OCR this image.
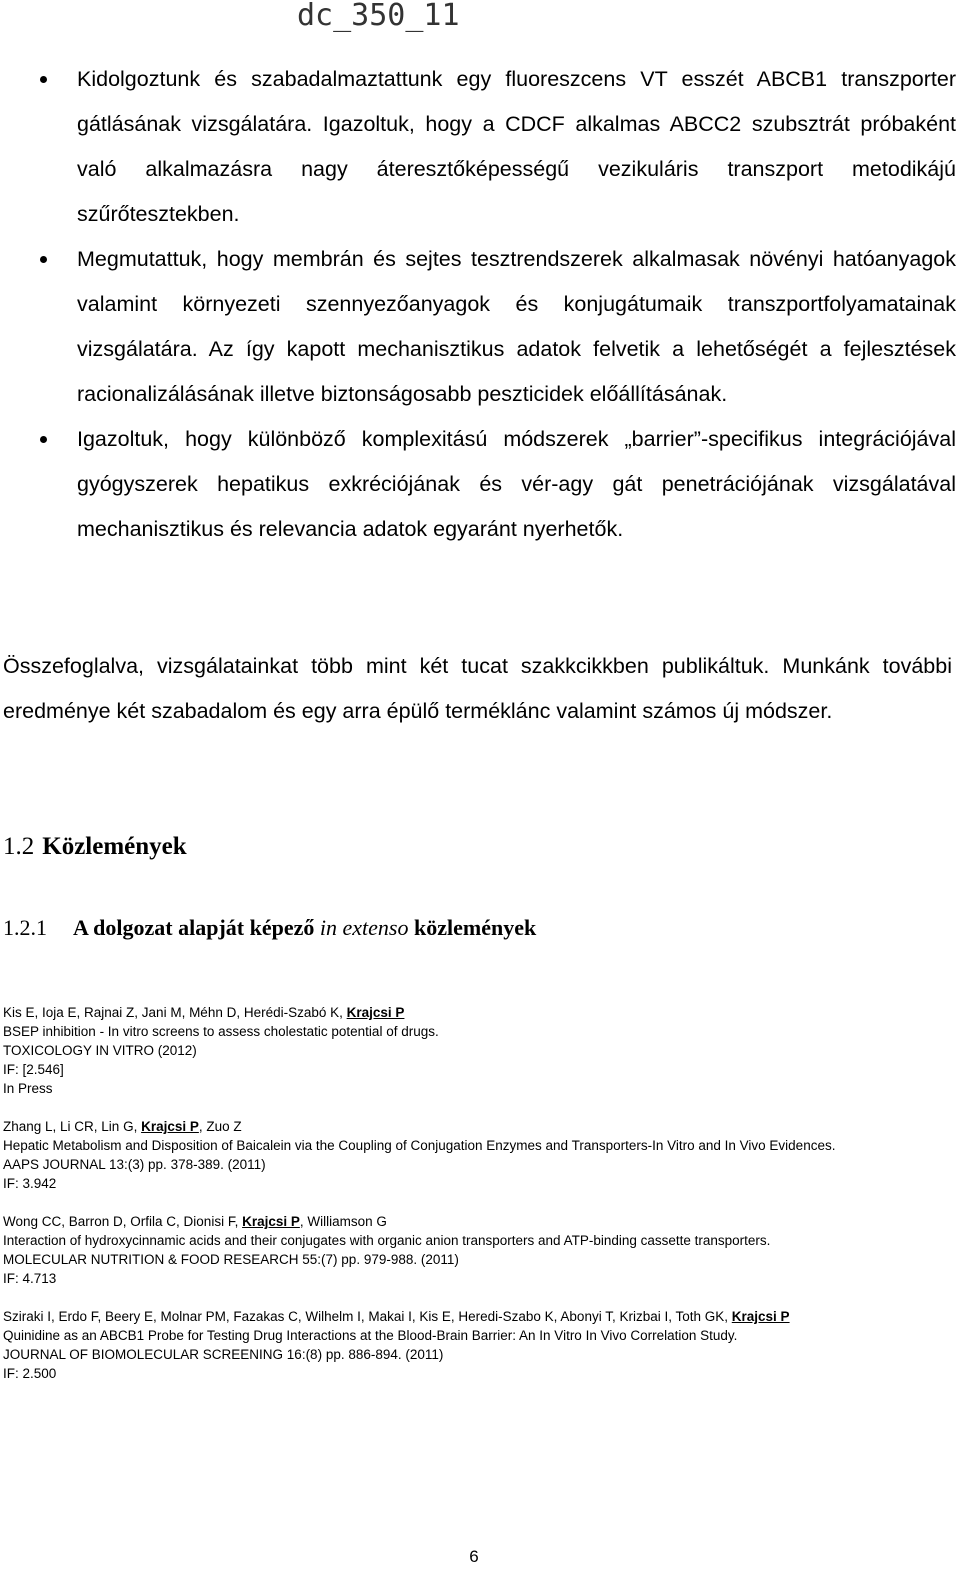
dc_350_11
Kidolgoztunk és szabadalmaztattunk egy fluoreszcens VT esszét ABCB1 transzporter gátlásának vizsgálatára. Igazoltuk, hogy a CDCF alkalmas ABCC2 szubsztrát próbaként való alkalmazásra nagy áteresztőképességű vezikuláris transzport metodikájú szűrőtesztekben.
Megmutattuk, hogy membrán és sejtes tesztrendszerek alkalmasak növényi hatóanyagok valamint környezeti szennyezőanyagok és konjugátumaik transzportfolyamatainak vizsgálatára. Az így kapott mechanisztikus adatok felvetik a lehetőségét a fejlesztések racionalizálásának illetve biztonságosabb peszticidek előállításának.
Igazoltuk, hogy különböző komplexitású módszerek „barrier”-specifikus integrációjával gyógyszerek hepatikus exkréciójának és vér-agy gát penetrációjának vizsgálatával mechanisztikus és relevancia adatok egyaránt nyerhetők.

Összefoglalva, vizsgálatainkat több mint két tucat szakkcikkben publikáltuk. Munkánk további eredménye két szabadalom és egy arra épülő terméklánc valamint számos új módszer.

1.2 Közlemények
1.2.1 A dolgozat alapját képező in extenso közlemények
Kis E, Ioja E, Rajnai Z, Jani M, Méhn D, Herédi-Szabó K, Krajcsi P
BSEP inhibition - In vitro screens to assess cholestatic potential of drugs.
TOXICOLOGY IN VITRO (2012)
IF: [2.546]
In Press
Zhang L, Li CR, Lin G, Krajcsi P, Zuo Z
Hepatic Metabolism and Disposition of Baicalein via the Coupling of Conjugation Enzymes and Transporters-In Vitro and In Vivo Evidences.
AAPS JOURNAL 13:(3) pp. 378-389. (2011)
IF: 3.942
Wong CC, Barron D, Orfila C, Dionisi F, Krajcsi P, Williamson G
Interaction of hydroxycinnamic acids and their conjugates with organic anion transporters and ATP-binding cassette transporters.
MOLECULAR NUTRITION & FOOD RESEARCH 55:(7) pp. 979-988. (2011)
IF: 4.713
Sziraki I, Erdo F, Beery E, Molnar PM, Fazakas C, Wilhelm I, Makai I, Kis E, Heredi-Szabo K, Abonyi T, Krizbai I, Toth GK, Krajcsi P
Quinidine as an ABCB1 Probe for Testing Drug Interactions at the Blood-Brain Barrier: An In Vitro In Vivo Correlation Study.
JOURNAL OF BIOMOLECULAR SCREENING 16:(8) pp. 886-894. (2011)
IF: 2.500
6
